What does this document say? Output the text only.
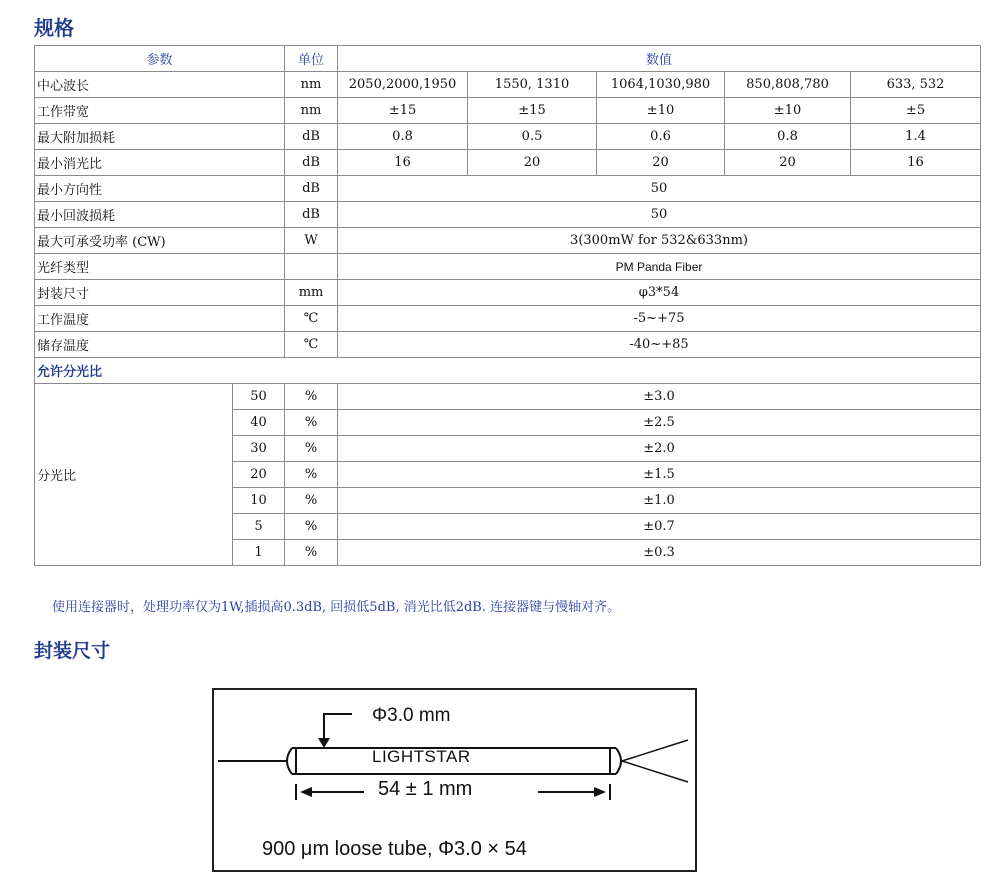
规格
参数		单位	数值				
中心波长		nm	2050,2000,1950	1550, 1310	1064,1030,980	850,808,780	633, 532
工作带宽		nm	±15	±15	±10	±10	±5
最大附加损耗		dB	0.8	0.5	0.6	0.8	1.4
最小消光比		dB	16	20	20	20	16
最小方向性		dB	50				
最小回波损耗		dB	50				
最大可承受功率 (CW)		W	3(300mW for 532&633nm)				
光纤类型			PM Panda Fiber				
封装尺寸		mm	φ3*54				
工作温度		℃	-5~+75				
储存温度		℃	-40~+85				
允许分光比							
分光比	50	%	±3.0				
	40	%	±2.5				
	30	%	±2.0				
	20	%	±1.5				
	10	%	±1.0				
	5	%	±0.7				
	1	%	±0.3				
使用连接器时，处理功率仅为1W,插损高0.3dB, 回损低5dB, 消光比低2dB. 连接器键与慢轴对齐。
封装尺寸
Φ3.0 mm
LIGHTSTAR
54 ± 1 mm
900 μm loose tube, Φ3.0 × 54
